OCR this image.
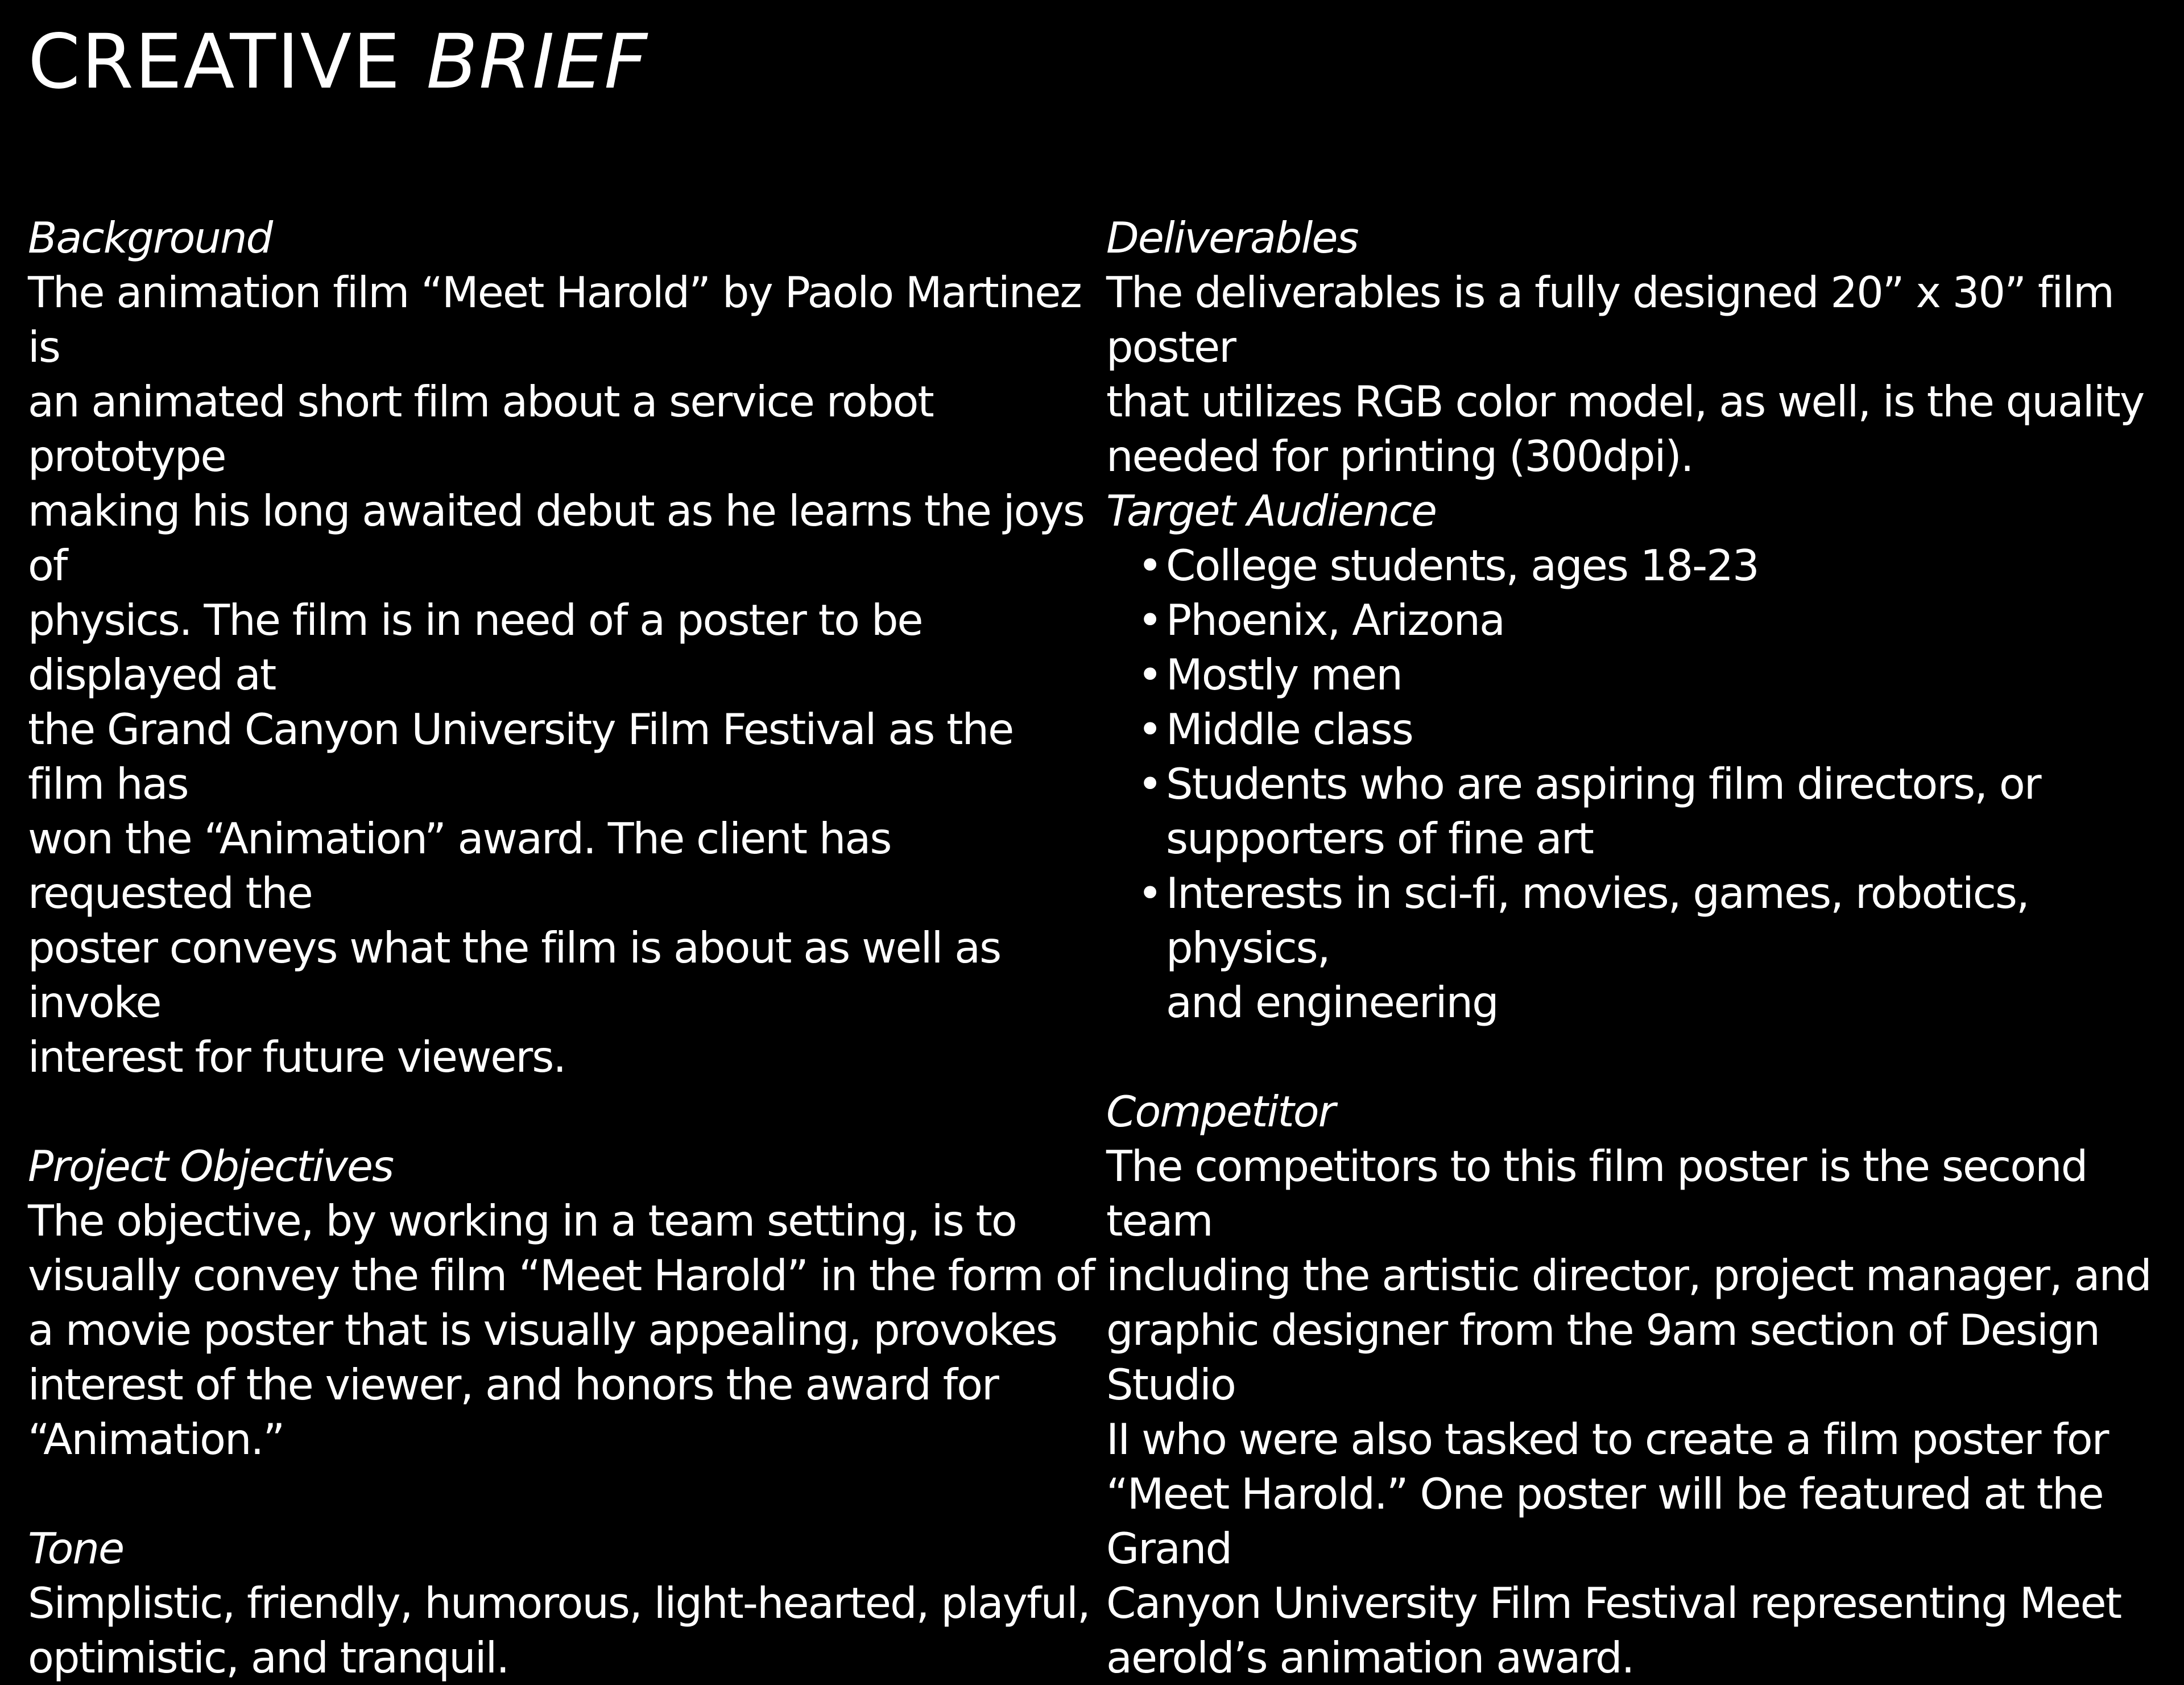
CREATIVE BRIEF
Background

The animation film “Meet Harold” by Paolo Martinez is
an animated short film about a service robot prototype
making his long awaited debut as he learns the joys of
physics. The film is in need of a poster to be displayed at
the Grand Canyon University Film Festival as the film has
won the “Animation” award. The client has requested the
poster conveys what the film is about as well as invoke
interest for future viewers.

Project Objectives

The objective, by working in a team setting, is to
visually convey the film “Meet Harold” in the form of
a movie poster that is visually appealing, provokes
interest of the viewer, and honors the award for
“Animation.”

Tone

Simplistic, friendly, humorous, light-hearted, playful,
optimistic, and tranquil.

Deliverables

The deliverables is a fully designed 20” x 30” film poster
that utilizes RGB color model, as well, is the quality
needed for printing (300dpi).

Target Audience
• College students, ages 18-23
• Phoenix, Arizona
• Mostly men
• Middle class
• Students who are aspiring film directors, or
supporters of fine art
• Interests in sci-fi, movies, games, robotics, physics,
and engineering
Competitor

The competitors to this film poster is the second team
including the artistic director, project manager, and
graphic designer from the 9am section of Design Studio
II who were also tasked to create a film poster for
“Meet Harold.” One poster will be featured at the Grand
Canyon University Film Festival representing Meet
aerold’s animation award.
